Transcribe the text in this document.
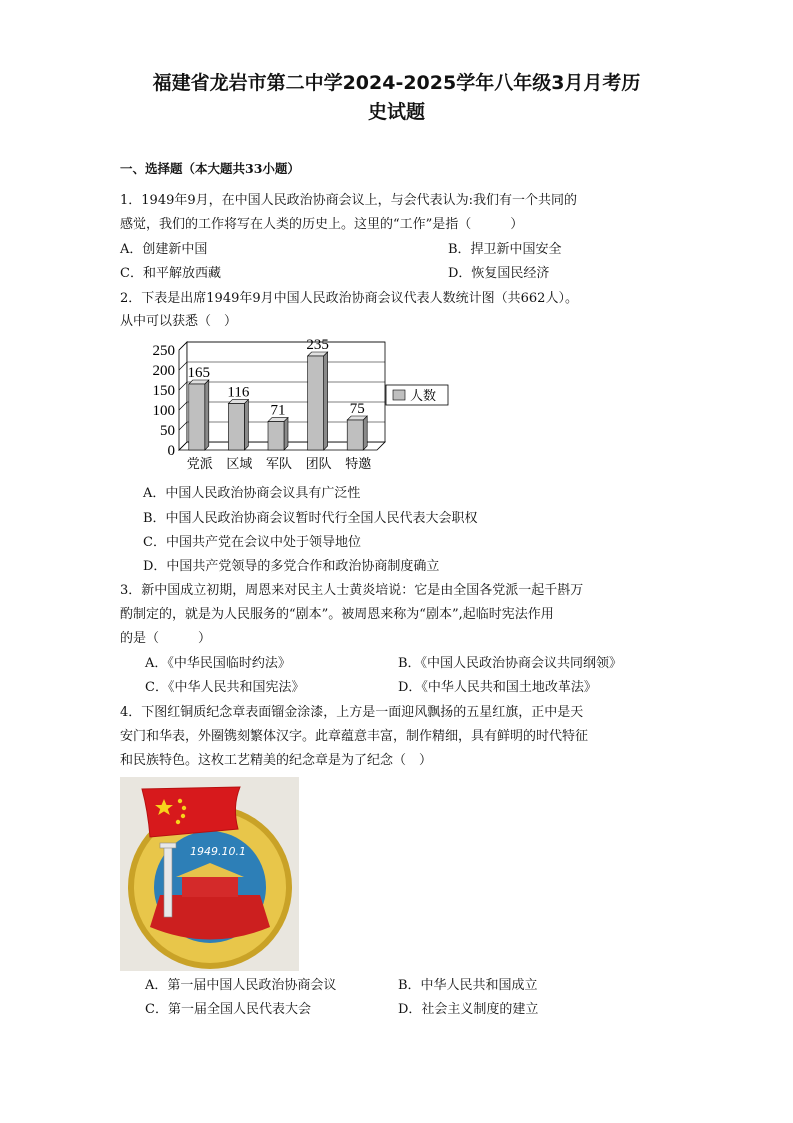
福建省龙岩市第二中学2024-2025学年八年级3月月考历
史试题
一、选择题（本大题共33小题）
1．1949年9月，在中国人民政治协商会议上，与会代表认为:我们有一个共同的
感觉，我们的工作将写在人类的历史上。这里的“工作”是指（　　　）
A．创建新中国	B．捍卫新中国安全
C．和平解放西藏	D．恢复国民经济
2．下表是出席1949年9月中国人民政治协商会议代表人数统计图（共662人）。
从中可以获悉（　）
0
50
100
150
200
250
165
116
71
235
75
党派 区域 军队 团队 特邀
人数
A．中国人民政治协商会议具有广泛性
B．中国人民政治协商会议暂时代行全国人民代表大会职权
C．中国共产党在会议中处于领导地位
D．中国共产党领导的多党合作和政治协商制度确立
3．新中国成立初期，周恩来对民主人士黄炎培说：它是由全国各党派一起千斟万
酌制定的，就是为人民服务的“剧本”。被周恩来称为“剧本”,起临时宪法作用
的是（　　　）
A．《中华民国临时约法》	B．《中国人民政治协商会议共同纲领》
C．《中华人民共和国宪法》	D．《中华人民共和国土地改革法》
4．下图红铜质纪念章表面镏金涂漆，上方是一面迎风飘扬的五星红旗，正中是天
安门和华表，外圈镌刻繁体汉字。此章蕴意丰富，制作精细，具有鲜明的时代特征
和民族特色。这枚工艺精美的纪念章是为了纪念（　）
1949.10.1
A．第一届中国人民政治协商会议	B．中华人民共和国成立
C．第一届全国人民代表大会	D．社会主义制度的建立
